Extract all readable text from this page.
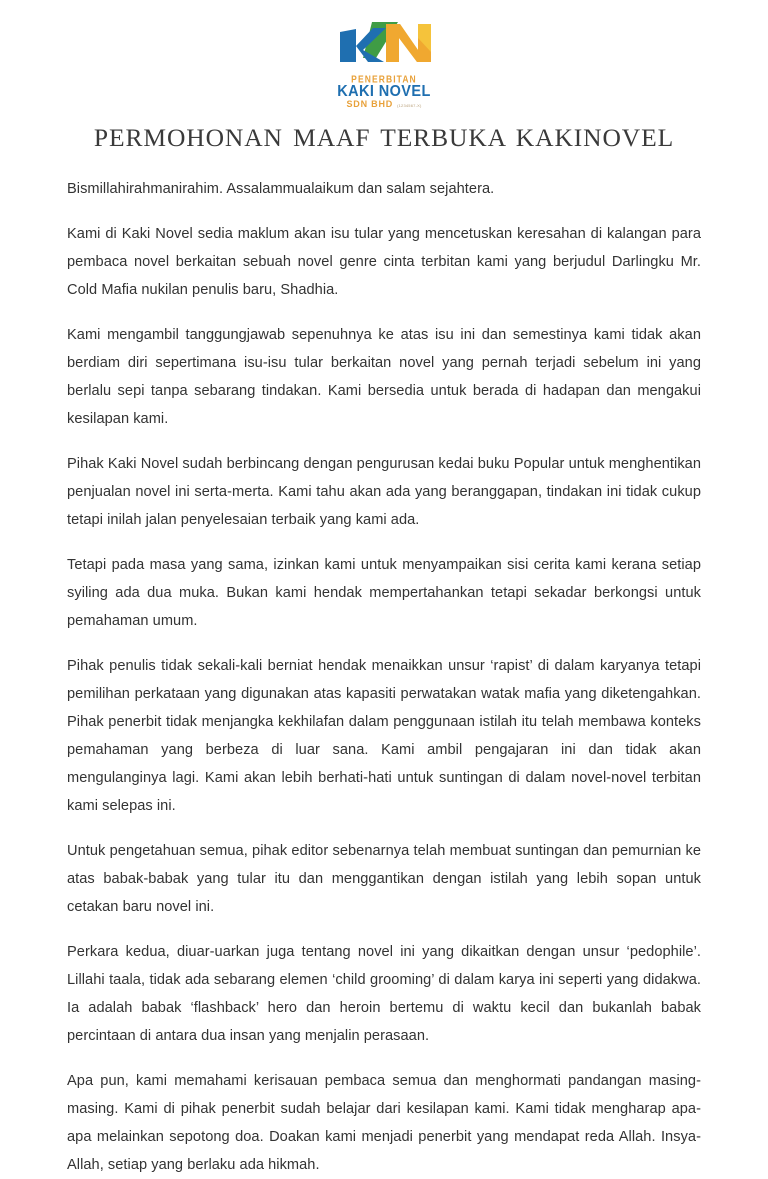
PENERBITAN
KAKI NOVEL
SDN BHD (1234567-X)
PERMOHONAN MAAF TERBUKA KAKINOVEL

Bismillahirahmanirahim. Assalammualaikum dan salam sejahtera.

Kami di Kaki Novel sedia maklum akan isu tular yang mencetuskan keresahan di kalangan para pembaca novel berkaitan sebuah novel genre cinta terbitan kami yang berjudul Darlingku Mr. Cold Mafia nukilan penulis baru, Shadhia.

Kami mengambil tanggungjawab sepenuhnya ke atas isu ini dan semestinya kami tidak akan berdiam diri sepertimana isu-isu tular berkaitan novel yang pernah terjadi sebelum ini yang berlalu sepi tanpa sebarang tindakan. Kami bersedia untuk berada di hadapan dan mengakui kesilapan kami.

Pihak Kaki Novel sudah berbincang dengan pengurusan kedai buku Popular untuk menghentikan penjualan novel ini serta-merta. Kami tahu akan ada yang beranggapan, tindakan ini tidak cukup tetapi inilah jalan penyelesaian terbaik yang kami ada.

Tetapi pada masa yang sama, izinkan kami untuk menyampaikan sisi cerita kami kerana setiap syiling ada dua muka. Bukan kami hendak mempertahankan tetapi sekadar berkongsi untuk pemahaman umum.

Pihak penulis tidak sekali-kali berniat hendak menaikkan unsur ‘rapist’ di dalam karyanya tetapi pemilihan perkataan yang digunakan atas kapasiti perwatakan watak mafia yang diketengahkan. Pihak penerbit tidak menjangka kekhilafan dalam penggunaan istilah itu telah membawa konteks pemahaman yang berbeza di luar sana. Kami ambil pengajaran ini dan tidak akan mengulanginya lagi. Kami akan lebih berhati-hati untuk suntingan di dalam novel-novel terbitan kami selepas ini.

Untuk pengetahuan semua, pihak editor sebenarnya telah membuat suntingan dan pemurnian ke atas babak-babak yang tular itu dan menggantikan dengan istilah yang lebih sopan untuk cetakan baru novel ini.

Perkara kedua, diuar-uarkan juga tentang novel ini yang dikaitkan dengan unsur ‘pedophile’. Lillahi taala, tidak ada sebarang elemen ‘child grooming’ di dalam karya ini seperti yang didakwa. Ia adalah babak ‘flashback’ hero dan heroin bertemu di waktu kecil dan bukanlah babak percintaan di antara dua insan yang menjalin perasaan.

Apa pun, kami memahami kerisauan pembaca semua dan menghormati pandangan masing-masing. Kami di pihak penerbit sudah belajar dari kesilapan kami. Kami tidak mengharap apa-apa melainkan sepotong doa. Doakan kami menjadi penerbit yang mendapat reda Allah. Insya-Allah, setiap yang berlaku ada hikmah.
